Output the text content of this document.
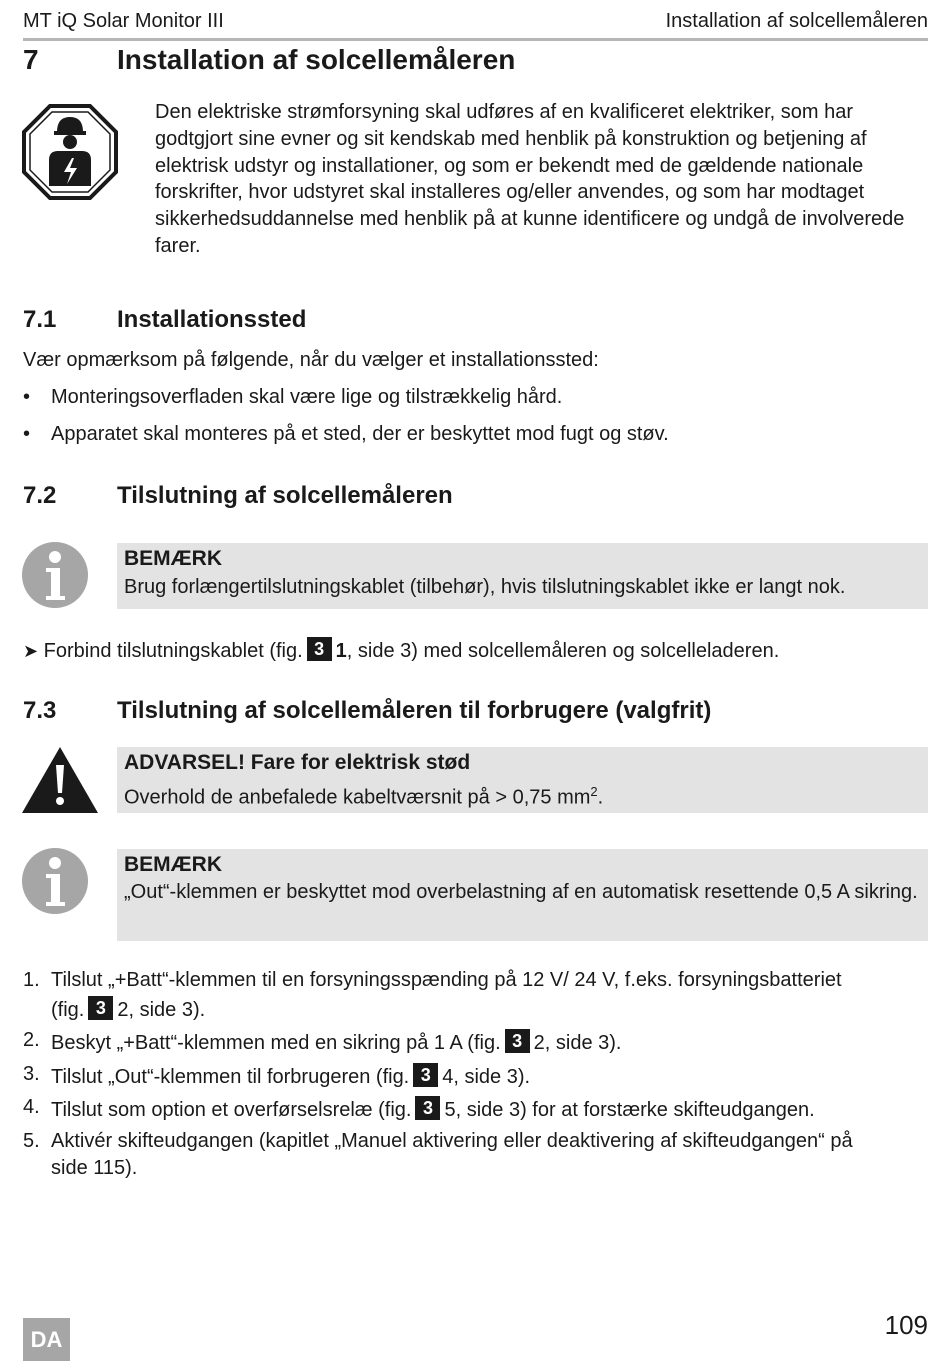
MT iQ Solar Monitor III	Installation af solcellemåleren
7	Installation af solcellemåleren
Den elektriske strømforsyning skal udføres af en kvalificeret elektriker, som har godtgjort sine evner og sit kendskab med henblik på konstruktion og betjening af elektrisk udstyr og installationer, og som er bekendt med de gældende nationale forskrifter, hvor udstyret skal installeres og/eller anvendes, og som har modtaget sikkerhedsuddannelse med henblik på at kunne identificere og undgå de involverede farer.
7.1	Installationssted
Vær opmærksom på følgende, når du vælger et installationssted:
• Monteringsoverfladen skal være lige og tilstrækkelig hård.
• Apparatet skal monteres på et sted, der er beskyttet mod fugt og støv.
7.2	Tilslutning af solcellemåleren
BEMÆRK
Brug forlængertilslutningskablet (tilbehør), hvis tilslutningskablet ikke er langt nok.
➤ Forbind tilslutningskablet (fig. 3 1, side 3) med solcellemåleren og solcelleladeren.
7.3	Tilslutning af solcellemåleren til forbrugere (valgfrit)
ADVARSEL! Fare for elektrisk stød
Overhold de anbefalede kabeltværsnit på > 0,75 $mm^2$.
BEMÆRK
„Out“-klemmen er beskyttet mod overbelastning af en automatisk resettende 0,5 A sikring.
1. Tilslut „+Batt“-klemmen til en forsyningsspænding på 12 V/ 24 V, f.eks. forsyningsbatteriet
(fig. 3 2, side 3).
2. Beskyt „+Batt“-klemmen med en sikring på 1 A (fig. 3 2, side 3).
3. Tilslut „Out“-klemmen til forbrugeren (fig. 3 4, side 3).
4. Tilslut som option et overførselsrelæ (fig. 3 5, side 3) for at forstærke skifteudgangen.
5. Aktivér skifteudgangen (kapitlet „Manuel aktivering eller deaktivering af skifteudgangen“ på
side 115).
DA	109
